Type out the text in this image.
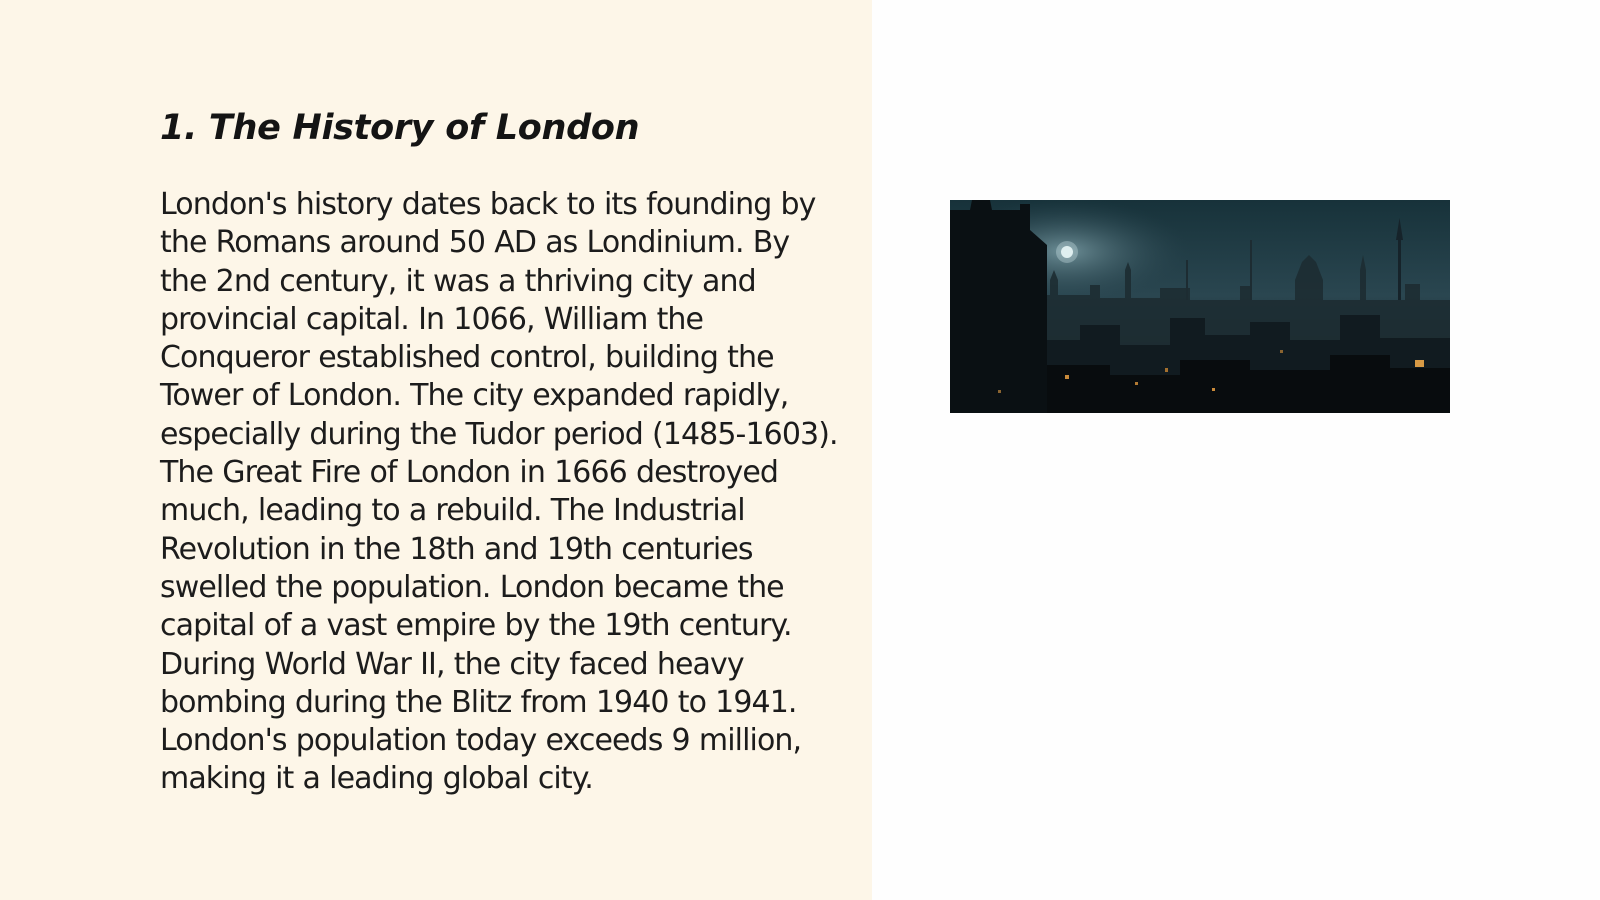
1. The History of London

London's history dates back to its founding by the Romans around 50 AD as Londinium. By the 2nd century, it was a thriving city and provincial capital. In 1066, William the Conqueror established control, building the Tower of London. The city expanded rapidly, especially during the Tudor period (1485-1603). The Great Fire of London in 1666 destroyed much, leading to a rebuild. The Industrial Revolution in the 18th and 19th centuries swelled the population. London became the capital of a vast empire by the 19th century. During World War II, the city faced heavy bombing during the Blitz from 1940 to 1941. London's population today exceeds 9 million, making it a leading global city.
